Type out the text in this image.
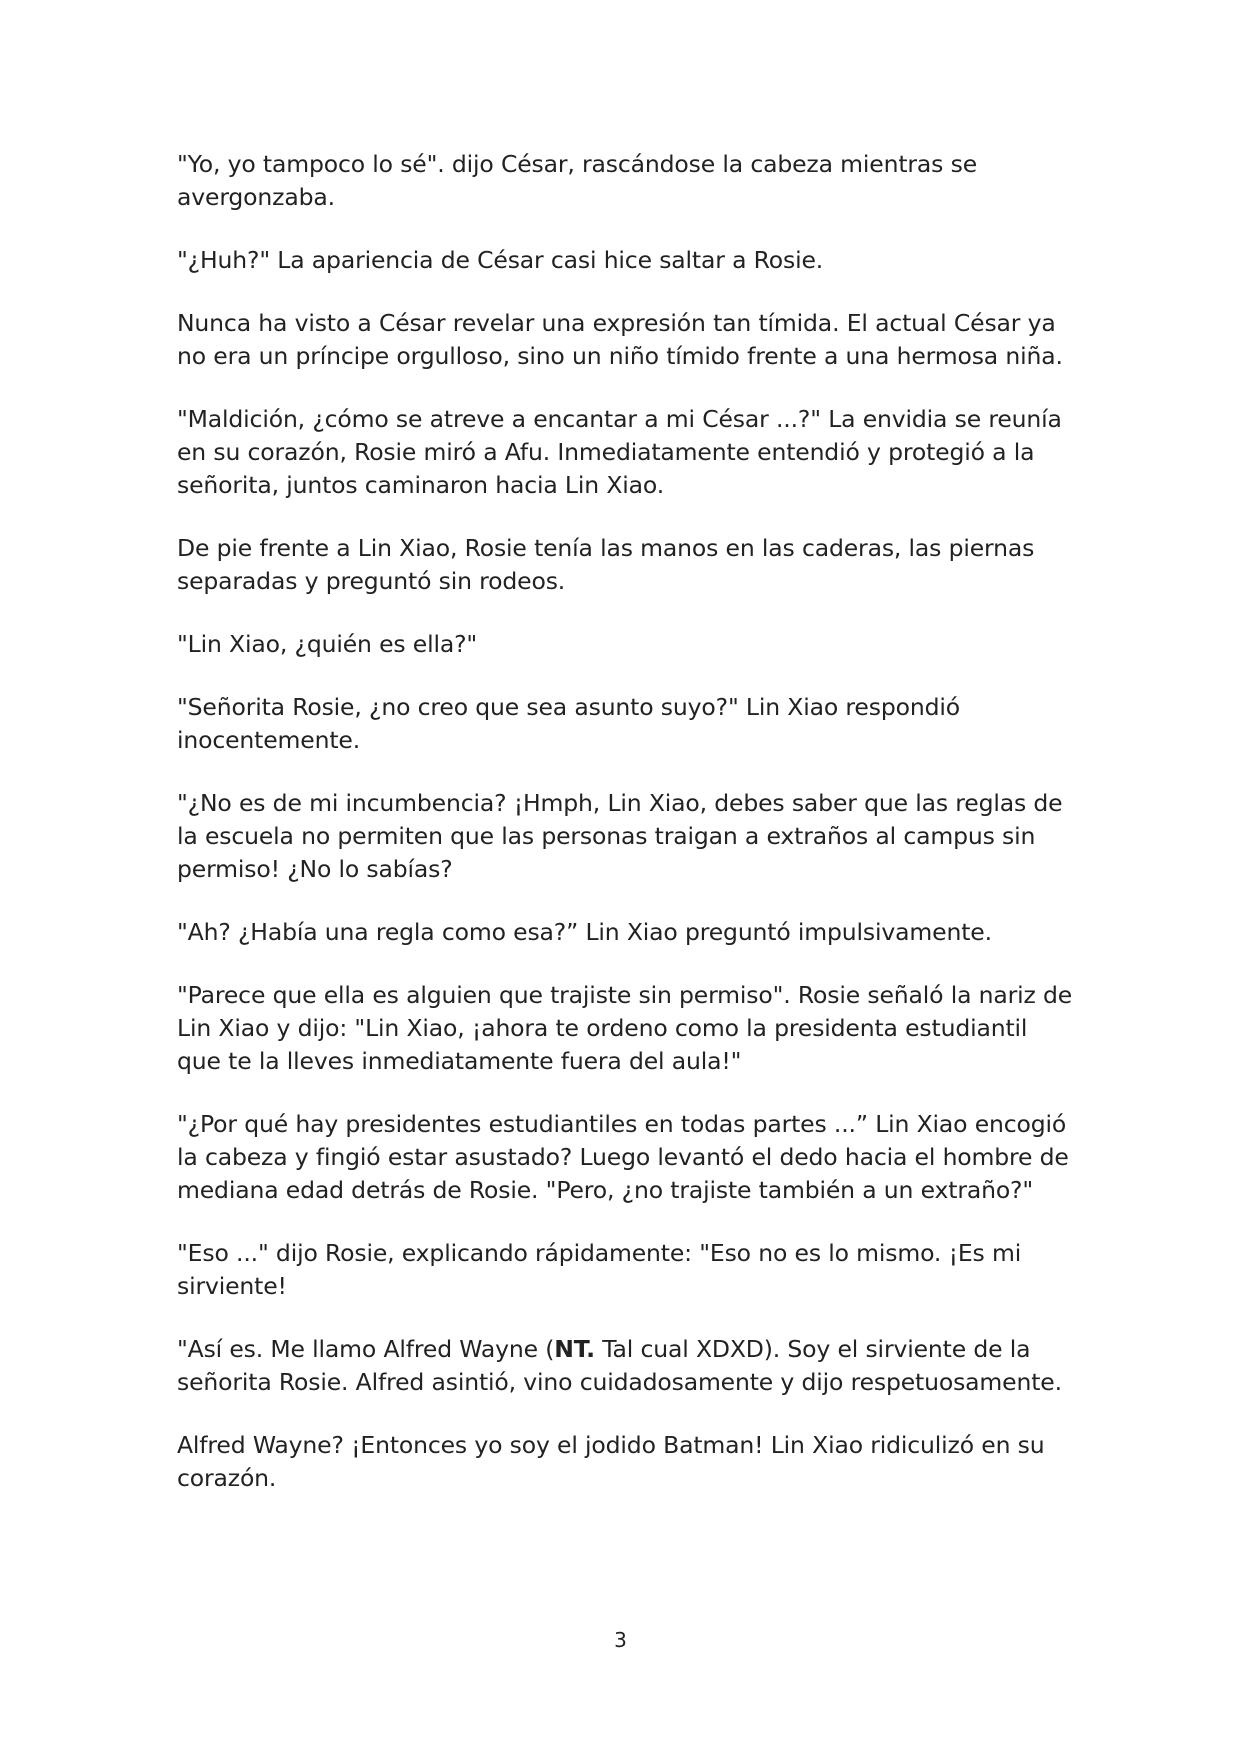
"Yo, yo tampoco lo sé". dijo César, rascándose la cabeza mientras se avergonzaba.

"¿Huh?" La apariencia de César casi hice saltar a Rosie.

Nunca ha visto a César revelar una expresión tan tímida. El actual César ya no era un príncipe orgulloso, sino un niño tímido frente a una hermosa niña.

"Maldición, ¿cómo se atreve a encantar a mi César ...?" La envidia se reunía en su corazón, Rosie miró a Afu. Inmediatamente entendió y protegió a la señorita, juntos caminaron hacia Lin Xiao.

De pie frente a Lin Xiao, Rosie tenía las manos en las caderas, las piernas separadas y preguntó sin rodeos.

"Lin Xiao, ¿quién es ella?"

"Señorita Rosie, ¿no creo que sea asunto suyo?" Lin Xiao respondió inocentemente.

"¿No es de mi incumbencia? ¡Hmph, Lin Xiao, debes saber que las reglas de la escuela no permiten que las personas traigan a extraños al campus sin permiso! ¿No lo sabías?

"Ah? ¿Había una regla como esa?” Lin Xiao preguntó impulsivamente.

"Parece que ella es alguien que trajiste sin permiso". Rosie señaló la nariz de Lin Xiao y dijo: "Lin Xiao, ¡ahora te ordeno como la presidenta estudiantil que te la lleves inmediatamente fuera del aula!"

"¿Por qué hay presidentes estudiantiles en todas partes ...” Lin Xiao encogió la cabeza y fingió estar asustado? Luego levantó el dedo hacia el hombre de mediana edad detrás de Rosie. "Pero, ¿no trajiste también a un extraño?"

"Eso ..." dijo Rosie, explicando rápidamente: "Eso no es lo mismo. ¡Es mi sirviente!

"Así es. Me llamo Alfred Wayne (NT. Tal cual XDXD). Soy el sirviente de la señorita Rosie. Alfred asintió, vino cuidadosamente y dijo respetuosamente.

Alfred Wayne? ¡Entonces yo soy el jodido Batman! Lin Xiao ridiculizó en su corazón.

3
